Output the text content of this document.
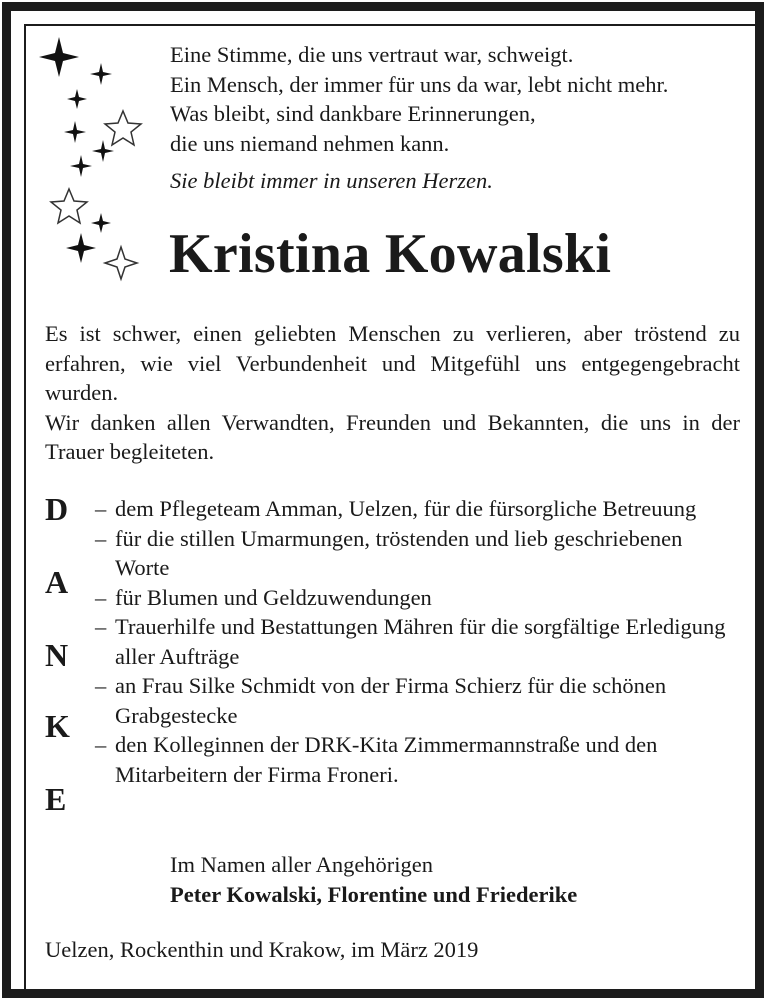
Eine Stimme, die uns vertraut war, schweigt.
Ein Mensch, der immer für uns da war, lebt nicht mehr.
Was bleibt, sind dankbare Erinnerungen,
die uns niemand nehmen kann.
Sie bleibt immer in unseren Herzen.
Kristina Kowalski

Es ist schwer, einen geliebten Menschen zu verlieren, aber tröstend zu erfahren, wie viel Verbundenheit und Mitgefühl uns entgegengebracht wurden.

Wir danken allen Verwandten, Freunden und Bekannten, die uns in der Trauer begleiteten.

D
A
N
K
E
– dem Pflegeteam Amman, Uelzen, für die fürsorgliche Betreuung
– für die stillen Umarmungen, tröstenden und lieb geschriebenen Worte
– für Blumen und Geldzuwendungen
– Trauerhilfe und Bestattungen Mähren für die sorgfältige Erledigung aller Aufträge
– an Frau Silke Schmidt von der Firma Schierz für die schönen Grabgestecke
– den Kolleginnen der DRK-Kita Zimmermannstraße und den Mitarbeitern der Firma Froneri.
Im Namen aller Angehörigen
Peter Kowalski, Florentine und Friederike
Uelzen, Rockenthin und Krakow, im März 2019
